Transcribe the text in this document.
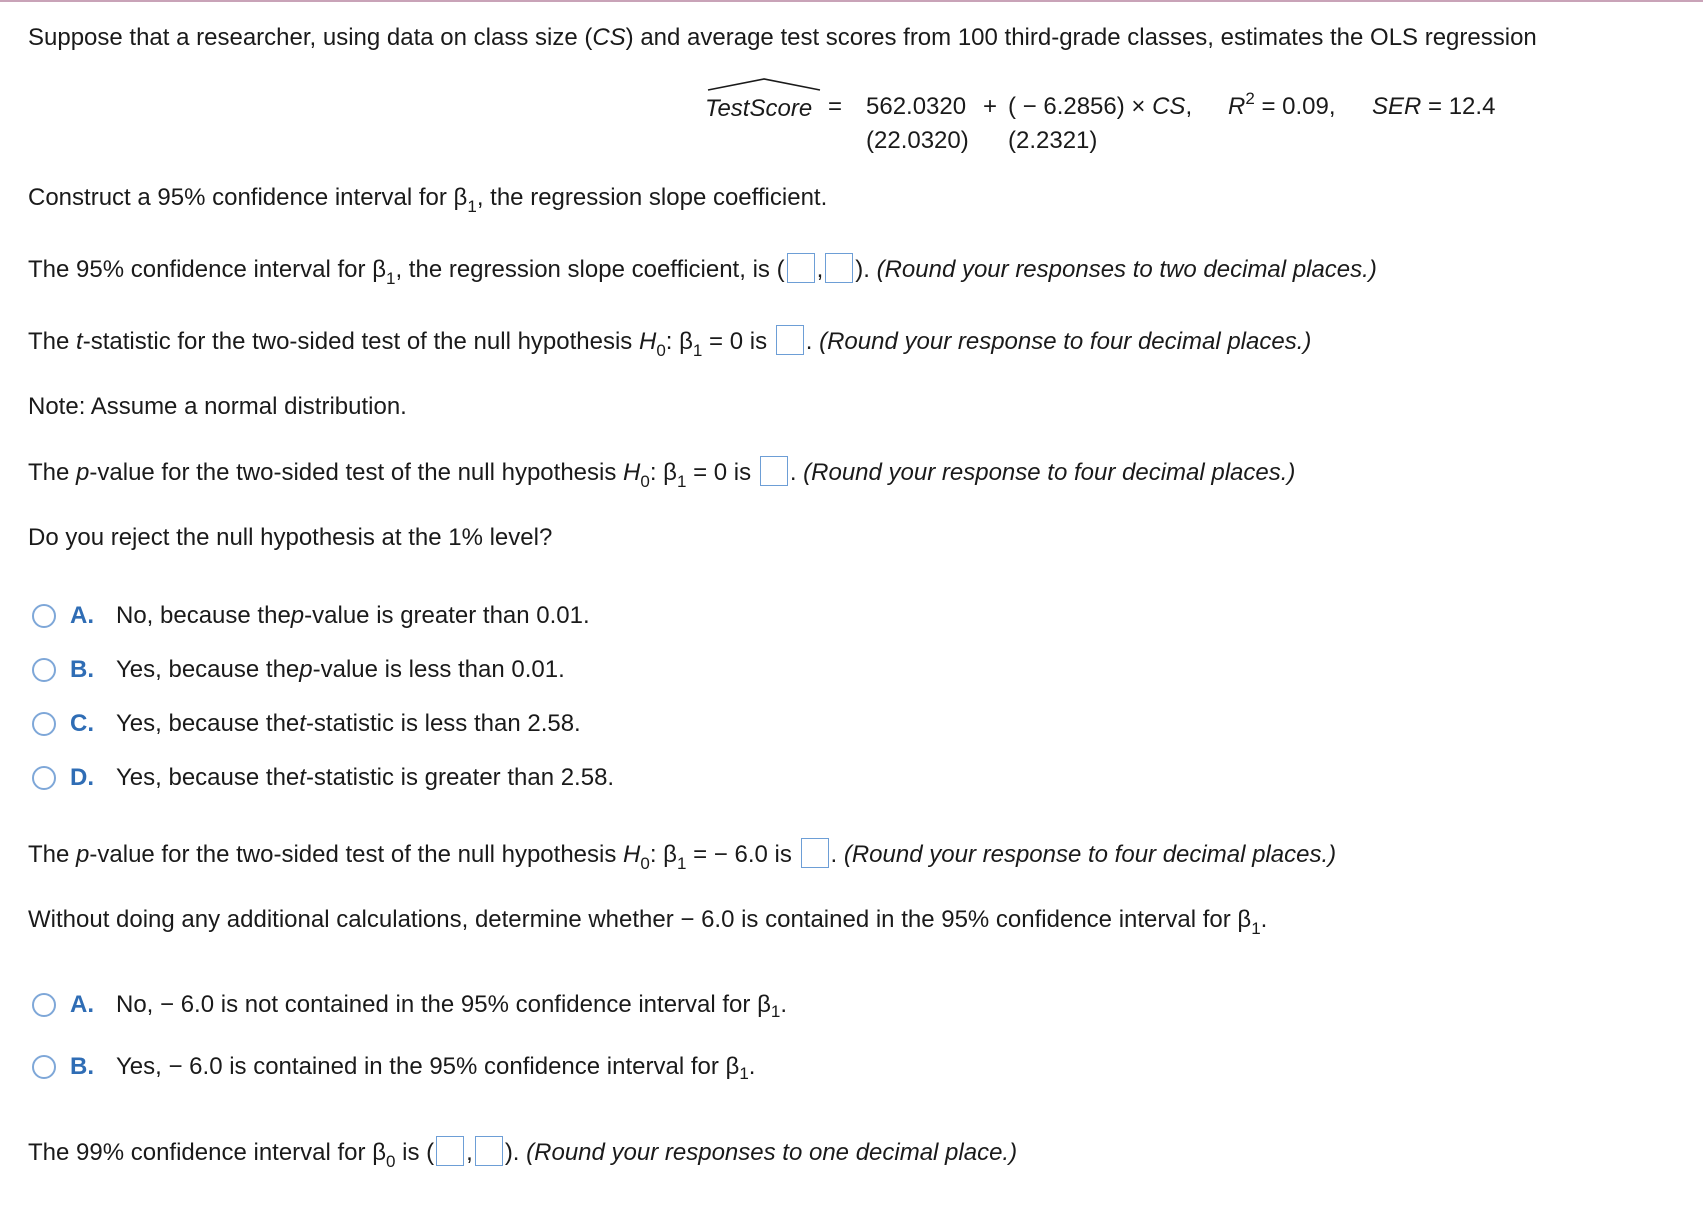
Suppose that a researcher, using data on class size (CS) and average test scores from 100 third-grade classes, estimates the OLS regression
TestScore = 562.0320 + ( − 6.2856) × CS, $R^2 = 0.09$, SER = 12.4
(22.0320) (2.2321)
Construct a 95% confidence interval for $\beta_1$, the regression slope coefficient.
The 95% confidence interval for $\beta_1$, the regression slope coefficient, is ( , ). (Round your responses to two decimal places.)
The t-statistic for the two-sided test of the null hypothesis $H_0$: $\beta_1 = 0$ is . (Round your response to four decimal places.)
Note: Assume a normal distribution.
The p-value for the two-sided test of the null hypothesis $H_0$: $\beta_1 = 0$ is . (Round your response to four decimal places.)
Do you reject the null hypothesis at the 1% level?
A. No, because the p -value is greater than 0.01.
B. Yes, because the p -value is less than 0.01.
C. Yes, because the t -statistic is less than 2.58.
D. Yes, because the t -statistic is greater than 2.58.
The p-value for the two-sided test of the null hypothesis $H_0$: $\beta_1$ = − 6.0 is . (Round your response to four decimal places.)
Without doing any additional calculations, determine whether − 6.0 is contained in the 95% confidence interval for $\beta_1$.
A. No, − 6.0 is not contained in the 95% confidence interval for β 1 .
B. Yes, − 6.0 is contained in the 95% confidence interval for β 1 .
The 99% confidence interval for $\beta_0$ is ( , ). (Round your responses to one decimal place.)
